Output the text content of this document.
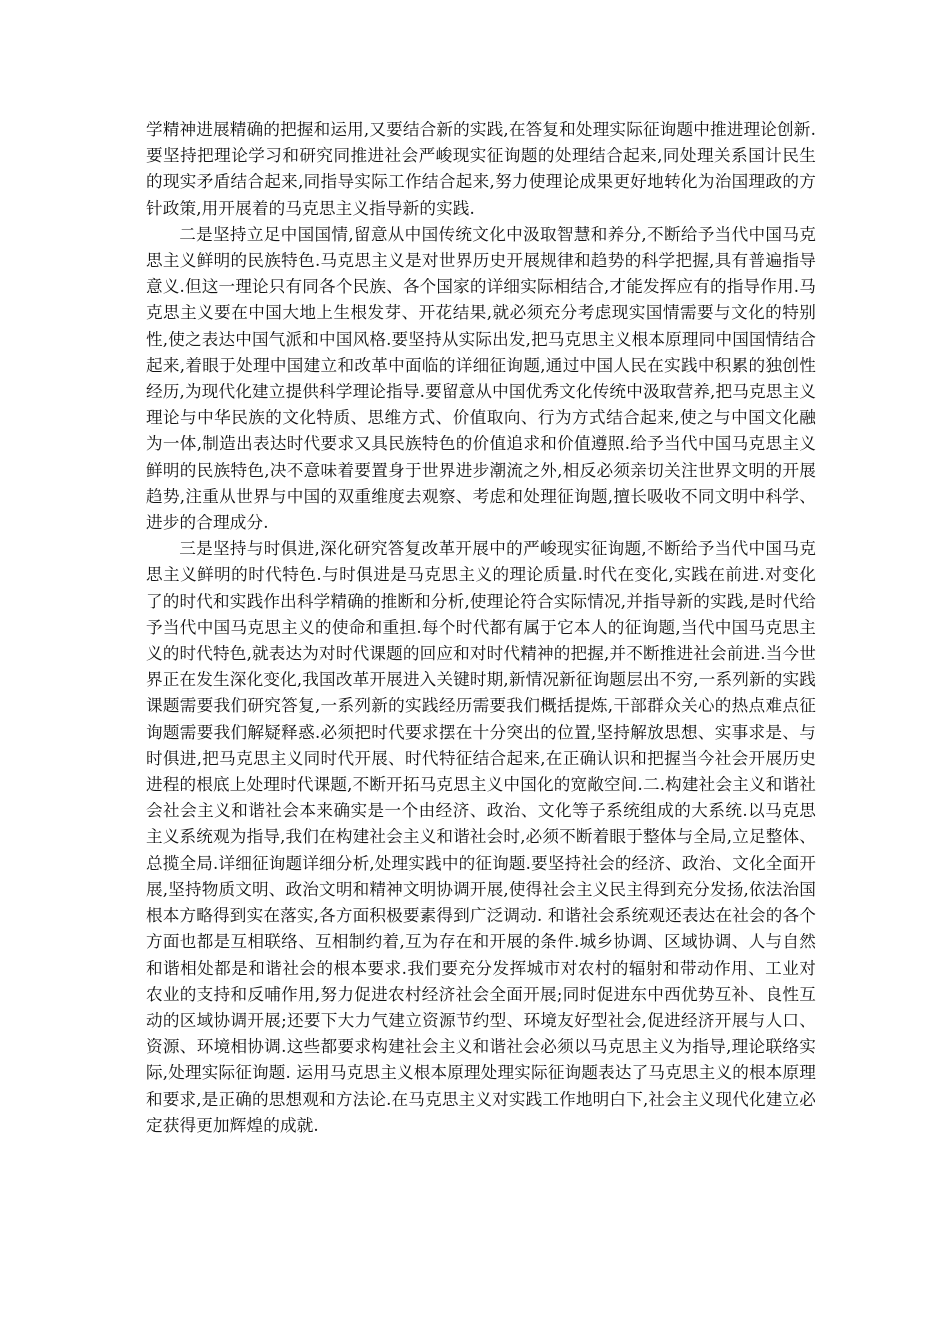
学精神进展精确的把握和运用,又要结合新的实践,在答复和处理实际征询题中推进理论创新.要坚持把理论学习和研究同推进社会严峻现实征询题的处理结合起来,同处理关系国计民生的现实矛盾结合起来,同指导实际工作结合起来,努力使理论成果更好地转化为治国理政的方针政策,用开展着的马克思主义指导新的实践.

二是坚持立足中国国情,留意从中国传统文化中汲取智慧和养分,不断给予当代中国马克思主义鲜明的民族特色.马克思主义是对世界历史开展规律和趋势的科学把握,具有普遍指导意义.但这一理论只有同各个民族、各个国家的详细实际相结合,才能发挥应有的指导作用.马克思主义要在中国大地上生根发芽、开花结果,就必须充分考虑现实国情需要与文化的特别性,使之表达中国气派和中国风格.要坚持从实际出发,把马克思主义根本原理同中国国情结合起来,着眼于处理中国建立和改革中面临的详细征询题,通过中国人民在实践中积累的独创性经历,为现代化建立提供科学理论指导.要留意从中国优秀文化传统中汲取营养,把马克思主义理论与中华民族的文化特质、思维方式、价值取向、行为方式结合起来,使之与中国文化融为一体,制造出表达时代要求又具民族特色的价值追求和价值遵照.给予当代中国马克思主义鲜明的民族特色,决不意味着要置身于世界进步潮流之外,相反必须亲切关注世界文明的开展趋势,注重从世界与中国的双重维度去观察、考虑和处理征询题,擅长吸收不同文明中科学、进步的合理成分.

三是坚持与时俱进,深化研究答复改革开展中的严峻现实征询题,不断给予当代中国马克思主义鲜明的时代特色.与时俱进是马克思主义的理论质量.时代在变化,实践在前进.对变化了的时代和实践作出科学精确的推断和分析,使理论符合实际情况,并指导新的实践,是时代给予当代中国马克思主义的使命和重担.每个时代都有属于它本人的征询题,当代中国马克思主义的时代特色,就表达为对时代课题的回应和对时代精神的把握,并不断推进社会前进.当今世界正在发生深化变化,我国改革开展进入关键时期,新情况新征询题层出不穷,一系列新的实践课题需要我们研究答复,一系列新的实践经历需要我们概括提炼,干部群众关心的热点难点征询题需要我们解疑释惑.必须把时代要求摆在十分突出的位置,坚持解放思想、实事求是、与时俱进,把马克思主义同时代开展、时代特征结合起来,在正确认识和把握当今社会开展历史进程的根底上处理时代课题,不断开拓马克思主义中国化的宽敞空间.二.构建社会主义和谐社会社会主义和谐社会本来确实是一个由经济、政治、文化等子系统组成的大系统.以马克思主义系统观为指导,我们在构建社会主义和谐社会时,必须不断着眼于整体与全局,立足整体、总揽全局.详细征询题详细分析,处理实践中的征询题.要坚持社会的经济、政治、文化全面开展,坚持物质文明、政治文明和精神文明协调开展,使得社会主义民主得到充分发扬,依法治国根本方略得到实在落实,各方面积极要素得到广泛调动. 和谐社会系统观还表达在社会的各个方面也都是互相联络、互相制约着,互为存在和开展的条件.城乡协调、区域协调、人与自然和谐相处都是和谐社会的根本要求.我们要充分发挥城市对农村的辐射和带动作用、工业对农业的支持和反哺作用,努力促进农村经济社会全面开展;同时促进东中西优势互补、良性互动的区域协调开展;还要下大力气建立资源节约型、环境友好型社会,促进经济开展与人口、资源、环境相协调.这些都要求构建社会主义和谐社会必须以马克思主义为指导,理论联络实际,处理实际征询题. 运用马克思主义根本原理处理实际征询题表达了马克思主义的根本原理和要求,是正确的思想观和方法论.在马克思主义对实践工作地明白下,社会主义现代化建立必定获得更加辉煌的成就.
